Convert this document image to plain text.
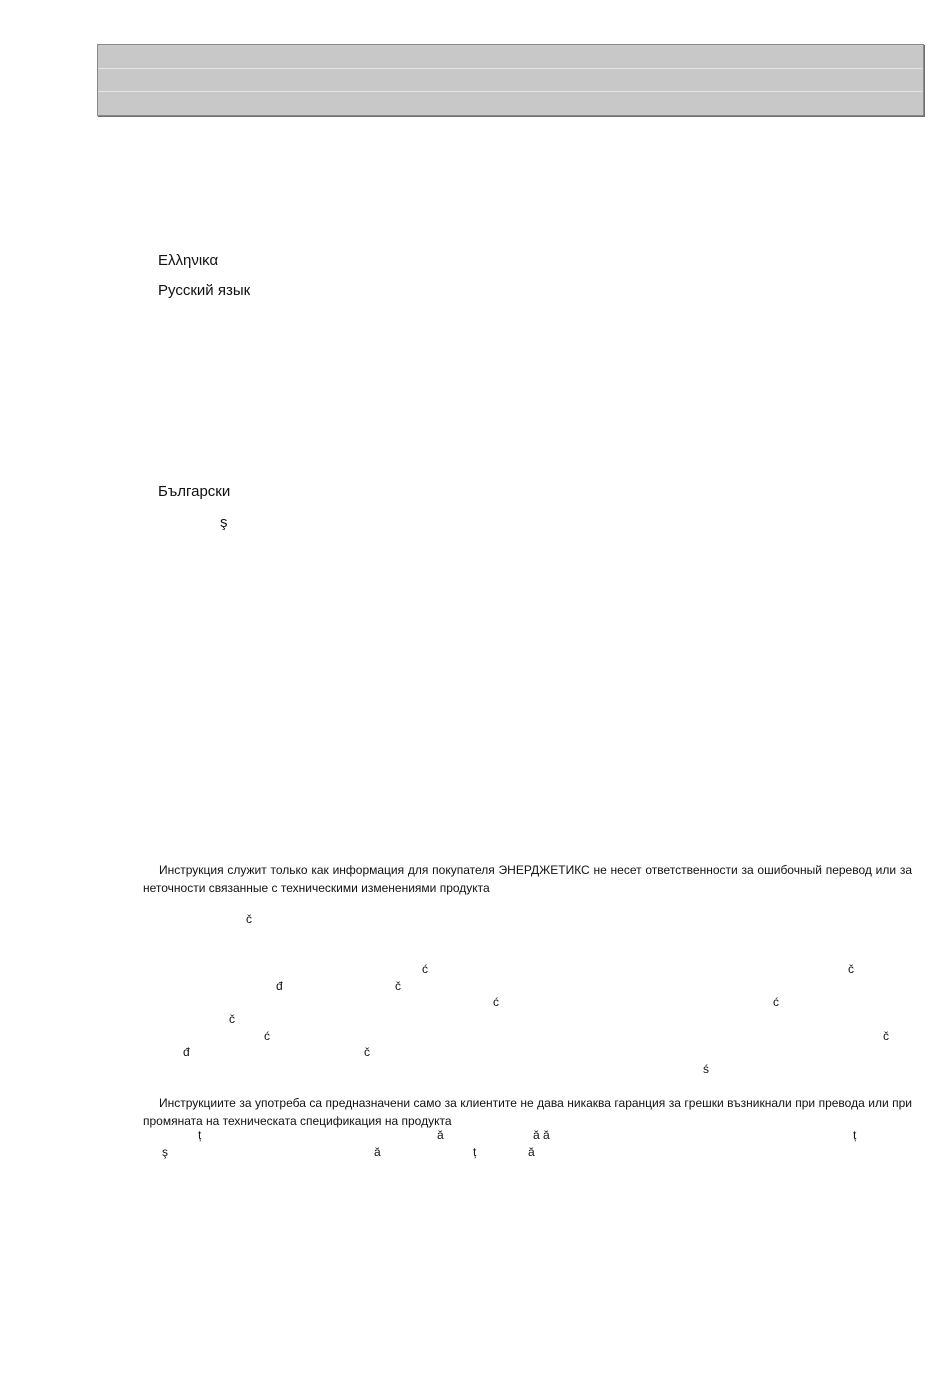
Ελληνικα
Русский язык
Български
ş
Инструкция служит только как информация для покупателя ЭНЕРДЖЕТИКС не несет ответственности за ошибочный перевод или за неточности связанные с техническими изменениями продукта
č
ć	č
đ	č
ć	ć
č
ć	č
đ	č
ś
Инструкциите за употреба са предназначени само за клиентите не дава никаква гаранция за грешки възникнали при превода или при промяната на техническата спецификация на продукта
ț	ă	ă ă	ț
ş	ă	ț	ă
